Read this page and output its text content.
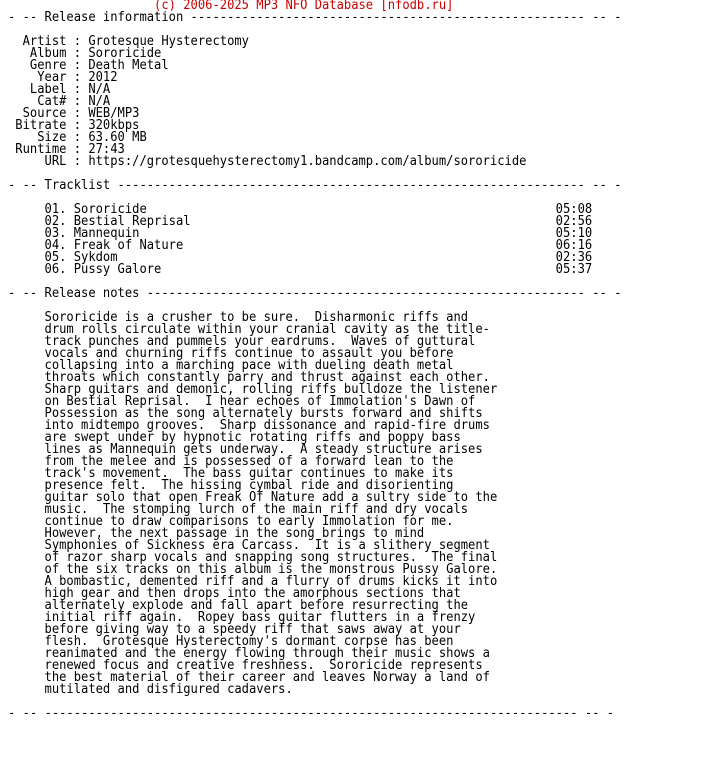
(c) 2006-2025 MP3 NFO Database [nfodb.ru]
- -- Release information ------------------------------------------------------ -- -

Artist : Grotesque Hysterectomy
Album : Sororicide
Genre : Death Metal
Year : 2012
Label : N/A
Cat# : N/A
Source : WEB/MP3
Bitrate : 320kbps
Size : 63.60 MB
Runtime : 27:43
URL : https://grotesquehysterectomy1.bandcamp.com/album/sororicide

- -- Tracklist ---------------------------------------------------------------- -- -

01. Sororicide                                                        05:08
02. Bestial Reprisal                                                  02:56
03. Mannequin                                                         05:10
04. Freak of Nature                                                   06:16
05. Sykdom                                                            02:36
06. Pussy Galore                                                      05:37

- -- Release notes ------------------------------------------------------------ -- -

Sororicide is a crusher to be sure.  Disharmonic riffs and
drum rolls circulate within your cranial cavity as the title-
track punches and pummels your eardrums.  Waves of guttural
vocals and churning riffs continue to assault you before
collapsing into a marching pace with dueling death metal
throats which constantly parry and thrust against each other.
Sharp guitars and demonic, rolling riffs bulldoze the listener
on Bestial Reprisal.  I hear echoes of Immolation's Dawn of
Possession as the song alternately bursts forward and shifts
into midtempo grooves.  Sharp dissonance and rapid-fire drums
are swept under by hypnotic rotating riffs and poppy bass
lines as Mannequin gets underway.  A steady structure arises
from the melee and is possessed of a forward lean to the
track's movement.  The bass guitar continues to make its
presence felt.  The hissing cymbal ride and disorienting
guitar solo that open Freak Of Nature add a sultry side to the
music.  The stomping lurch of the main riff and dry vocals
continue to draw comparisons to early Immolation for me.
However, the next passage in the song brings to mind
Symphonies of Sickness era Carcass.  It is a slithery segment
of razor sharp vocals and snapping song structures.  The final
of the six tracks on this album is the monstrous Pussy Galore.
A bombastic, demented riff and a flurry of drums kicks it into
high gear and then drops into the amorphous sections that
alternately explode and fall apart before resurrecting the
initial riff again.  Ropey bass guitar flutters in a frenzy
before giving way to a speedy riff that saws away at your
flesh.  Grotesque Hysterectomy's dormant corpse has been
reanimated and the energy flowing through their music shows a
renewed focus and creative freshness.  Sororicide represents
the best material of their career and leaves Norway a land of
mutilated and disfigured cadavers.

- -- ------------------------------------------------------------------------- -- -
